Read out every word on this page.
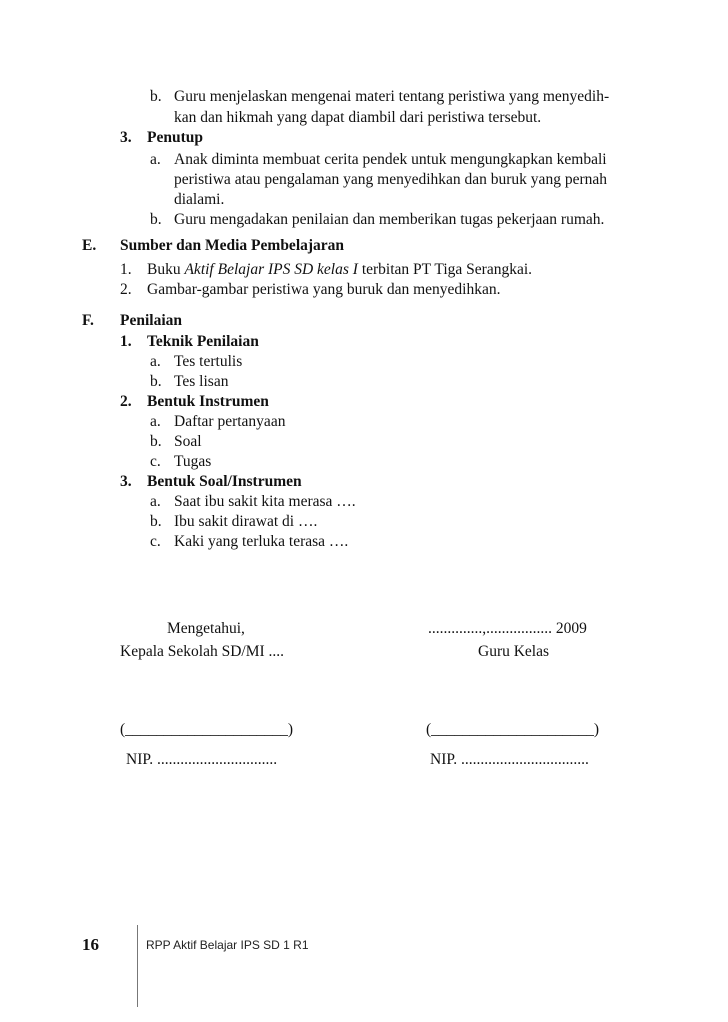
b. Guru menjelaskan mengenai materi tentang peristiwa yang menyedih-
kan dan hikmah yang dapat diambil dari peristiwa tersebut.
3. Penutup
a. Anak diminta membuat cerita pendek untuk mengungkapkan kembali
peristiwa atau pengalaman yang menyedihkan dan buruk yang pernah
dialami.
b. Guru mengadakan penilaian dan memberikan tugas pekerjaan rumah.
E. Sumber dan Media Pembelajaran
1. Buku Aktif Belajar IPS SD kelas I terbitan PT Tiga Serangkai.
2. Gambar-gambar peristiwa yang buruk dan menyedihkan.
F. Penilaian
1. Teknik Penilaian
a. Tes tertulis
b. Tes lisan
2. Bentuk Instrumen
a. Daftar pertanyaan
b. Soal
c. Tugas
3. Bentuk Soal/Instrumen
a. Saat ibu sakit kita merasa ….
b. Ibu sakit dirawat di ….
c. Kaki yang terluka terasa ….
Mengetahui,	..............,................. 2009
Kepala Sekolah SD/MI ....	Guru Kelas
(_____________________)	(_____________________)
NIP. ...............................	NIP. .................................
16	RPP Aktif Belajar IPS SD 1 R1
